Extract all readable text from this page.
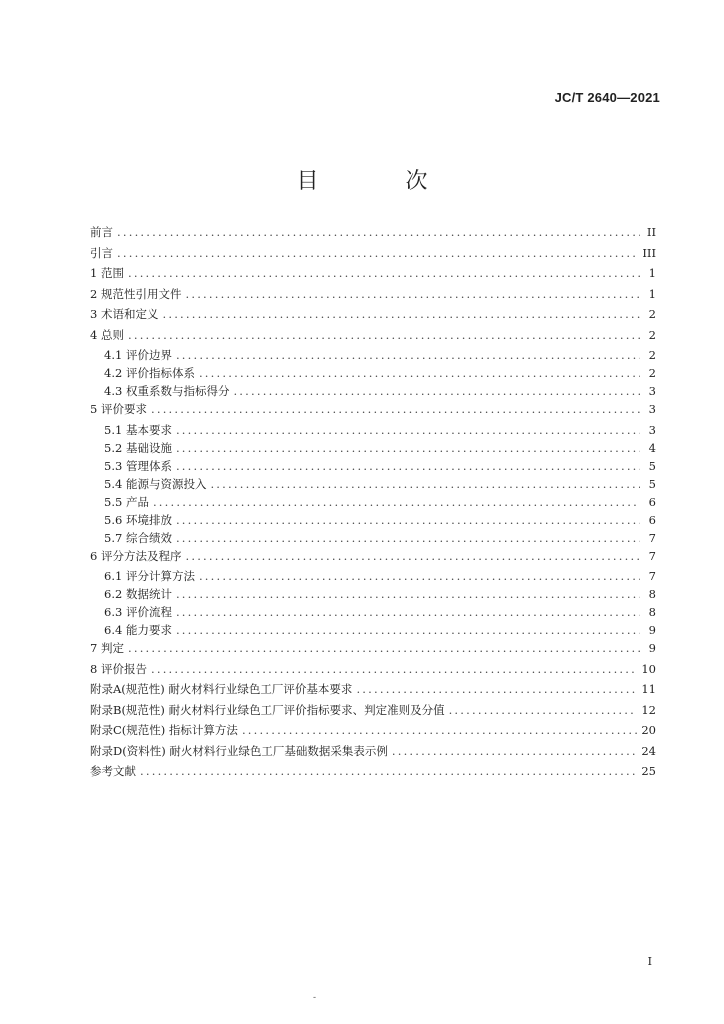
JC/T 2640—2021
目 次
前言 .....	II
引言 .....	III
1 范围 .....	1
2 规范性引用文件 .....	1
3 术语和定义 .....	2
4 总则 .....	2
4.1 评价边界 .....	2
4.2 评价指标体系 .....	2
4.3 权重系数与指标得分 .....	3
5 评价要求 .....	3
5.1 基本要求 .....	3
5.2 基础设施 .....	4
5.3 管理体系 .....	5
5.4 能源与资源投入 .....	5
5.5 产品 .....	6
5.6 环境排放 .....	6
5.7 综合绩效 .....	7
6 评分方法及程序 .....	7
6.1 评分计算方法 .....	7
6.2 数据统计 .....	8
6.3 评价流程 .....	8
6.4 能力要求 .....	9
7 判定 .....	9
8 评价报告 .....	10
附录A(规范性) 耐火材料行业绿色工厂评价基本要求 .....	11
附录B(规范性) 耐火材料行业绿色工厂评价指标要求、判定准则及分值 .....	12
附录C(规范性) 指标计算方法 .....	20
附录D(资料性) 耐火材料行业绿色工厂基础数据采集表示例 .....	24
参考文献 .....	25
I
-
